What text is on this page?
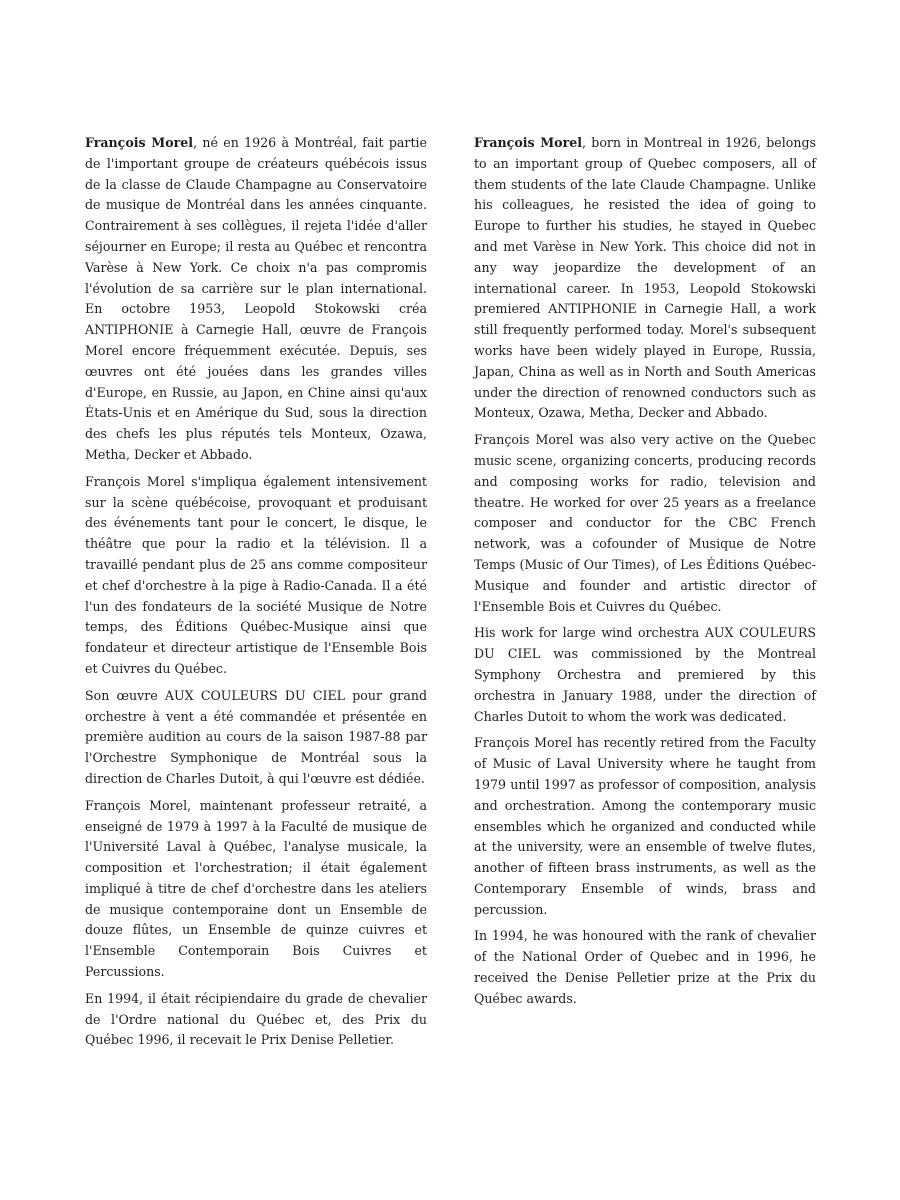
François Morel, né en 1926 à Montréal, fait partie de l'important groupe de créateurs québécois issus de la classe de Claude Champagne au Conservatoire de musique de Montréal dans les années cinquante. Contrairement à ses collègues, il rejeta l'idée d'aller séjourner en Europe; il resta au Québec et rencontra Varèse à New York. Ce choix n'a pas compromis l'évolution de sa carrière sur le plan international. En octobre 1953, Leopold Stokowski créa ANTIPHONIE à Carnegie Hall, œuvre de François Morel encore fréquemment exécutée. Depuis, ses œuvres ont été jouées dans les grandes villes d'Europe, en Russie, au Japon, en Chine ainsi qu'aux États-Unis et en Amérique du Sud, sous la direction des chefs les plus réputés tels Monteux, Ozawa, Metha, Decker et Abbado.

François Morel s'impliqua également intensivement sur la scène québécoise, provoquant et produisant des événements tant pour le concert, le disque, le théâtre que pour la radio et la télévision. Il a travaillé pendant plus de 25 ans comme compositeur et chef d'orchestre à la pige à Radio-Canada. Il a été l'un des fondateurs de la société Musique de Notre temps, des Éditions Québec-Musique ainsi que fondateur et directeur artistique de l'Ensemble Bois et Cuivres du Québec.

Son œuvre AUX COULEURS DU CIEL pour grand orchestre à vent a été commandée et présentée en première audition au cours de la saison 1987-88 par l'Orchestre Symphonique de Montréal sous la direction de Charles Dutoit, à qui l'œuvre est dédiée.

François Morel, maintenant professeur retraité, a enseigné de 1979 à 1997 à la Faculté de musique de l'Université Laval à Québec, l'analyse musicale, la composition et l'orchestration; il était également impliqué à titre de chef d'orchestre dans les ateliers de musique contemporaine dont un Ensemble de douze flûtes, un Ensemble de quinze cuivres et l'Ensemble Contemporain Bois Cuivres et Percussions.

En 1994, il était récipiendaire du grade de chevalier de l'Ordre national du Québec et, des Prix du Québec 1996, il recevait le Prix Denise Pelletier.

François Morel, born in Montreal in 1926, belongs to an important group of Quebec composers, all of them students of the late Claude Champagne. Unlike his colleagues, he resisted the idea of going to Europe to further his studies, he stayed in Quebec and met Varèse in New York. This choice did not in any way jeopardize the development of an international career. In 1953, Leopold Stokowski premiered ANTIPHONIE in Carnegie Hall, a work still frequently performed today. Morel's subsequent works have been widely played in Europe, Russia, Japan, China as well as in North and South Americas under the direction of renowned conductors such as Monteux, Ozawa, Metha, Decker and Abbado.

François Morel was also very active on the Quebec music scene, organizing concerts, producing records and composing works for radio, television and theatre. He worked for over 25 years as a freelance composer and conductor for the CBC French network, was a cofounder of Musique de Notre Temps (Music of Our Times), of Les Éditions Québec-Musique and founder and artistic director of l'Ensemble Bois et Cuivres du Québec.

His work for large wind orchestra AUX COULEURS DU CIEL was commissioned by the Montreal Symphony Orchestra and premiered by this orchestra in January 1988, under the direction of Charles Dutoit to whom the work was dedicated.

François Morel has recently retired from the Faculty of Music of Laval University where he taught from 1979 until 1997 as professor of composition, analysis and orchestration. Among the contemporary music ensembles which he organized and conducted while at the university, were an ensemble of twelve flutes, another of fifteen brass instruments, as well as the Contemporary Ensemble of winds, brass and percussion.

In 1994, he was honoured with the rank of chevalier of the National Order of Quebec and in 1996, he received the Denise Pelletier prize at the Prix du Québec awards.
